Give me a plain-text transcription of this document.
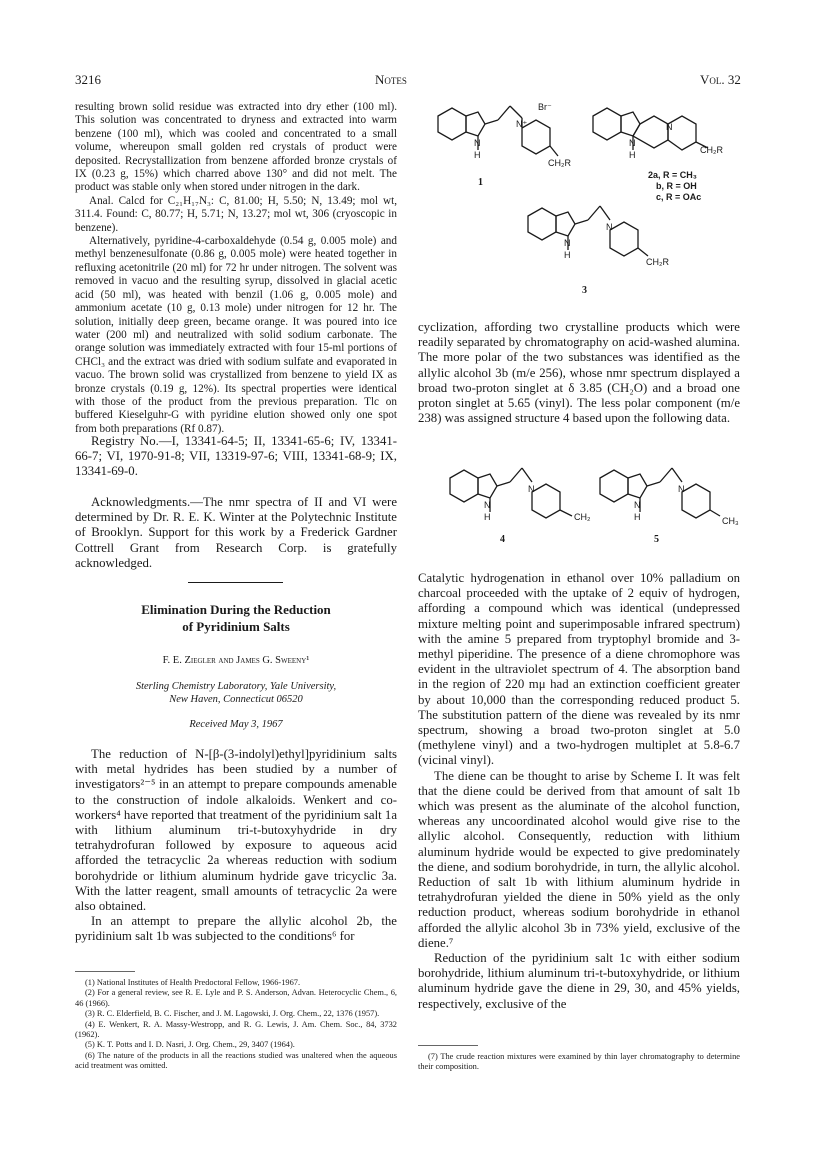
3216	Notes	Vol. 32

resulting brown solid residue was extracted into dry ether (100 ml). This solution was concentrated to dryness and extracted into warm benzene (100 ml), which was cooled and concentrated to a small volume, whereupon small golden red crystals of product were deposited. Recrystallization from benzene afforded bronze crystals of IX (0.23 g, 15%) which charred above 130° and did not melt. The product was stable only when stored under nitrogen in the dark.

Anal. Calcd for C₂₁H₁₇N₃: C, 81.00; H, 5.50; N, 13.49; mol wt, 311.4. Found: C, 80.77; H, 5.71; N, 13.27; mol wt, 306 (cryoscopic in benzene).

Alternatively, pyridine-4-carboxaldehyde (0.54 g, 0.005 mole) and methyl benzenesulfonate (0.86 g, 0.005 mole) were heated together in refluxing acetonitrile (20 ml) for 72 hr under nitrogen. The solvent was removed in vacuo and the resulting syrup, dissolved in glacial acetic acid (50 ml), was heated with benzil (1.06 g, 0.005 mole) and ammonium acetate (10 g, 0.13 mole) under nitrogen for 12 hr. The solution, initially deep green, became orange. It was poured into ice water (200 ml) and neutralized with solid sodium carbonate. The orange solution was immediately extracted with four 15-ml portions of CHCl₃ and the extract was dried with sodium sulfate and evaporated in vacuo. The brown solid was crystallized from benzene to yield IX as bronze crystals (0.19 g, 12%). Its spectral properties were identical with those of the product from the previous preparation. Tlc on buffered Kieselguhr-G with pyridine elution showed only one spot from both preparations (Rf 0.87).

Registry No.—I, 13341-64-5; II, 13341-65-6; IV, 13341-66-7; VI, 1970-91-8; VII, 13319-97-6; VIII, 13341-68-9; IX, 13341-69-0.

Acknowledgments.—The nmr spectra of II and VI were determined by Dr. R. E. K. Winter at the Polytechnic Institute of Brooklyn. Support for this work by a Frederick Gardner Cottrell Grant from Research Corp. is gratefully acknowledged.

Elimination During the Reduction
of Pyridinium Salts
F. E. Ziegler and James G. Sweeny¹
Sterling Chemistry Laboratory, Yale University,
New Haven, Connecticut 06520
Received May 3, 1967

The reduction of N-[β-(3-indolyl)ethyl]pyridinium salts with metal hydrides has been studied by a number of investigators²⁻⁵ in an attempt to prepare compounds amenable to the construction of indole alkaloids. Wenkert and co-workers⁴ have reported that treatment of the pyridinium salt 1a with lithium aluminum tri-t-butoxyhydride in dry tetrahydrofuran followed by exposure to aqueous acid afforded the tetracyclic 2a whereas reduction with sodium borohydride or lithium aluminum hydride gave tricyclic 3a. With the latter reagent, small amounts of tetracyclic 2a were also obtained.

In an attempt to prepare the allylic alcohol 2b, the pyridinium salt 1b was subjected to the conditions⁶ for

(1) National Institutes of Health Predoctoral Fellow, 1966-1967.

(2) For a general review, see R. E. Lyle and P. S. Anderson, Advan. Heterocyclic Chem., 6, 46 (1966).

(3) R. C. Elderfield, B. C. Fischer, and J. M. Lagowski, J. Org. Chem., 22, 1376 (1957).

(4) E. Wenkert, R. A. Massy-Westropp, and R. G. Lewis, J. Am. Chem. Soc., 84, 3732 (1962).

(5) K. T. Potts and I. D. Nasri, J. Org. Chem., 29, 3407 (1964).

(6) The nature of the products in all the reactions studied was unaltered when the aqueous acid treatment was omitted.

Br⁻
N
N⁺
H
CH₂R
1
N
N
H	CH₂R
2a, R = CH₃
b, R = OH
c, R = OAc
N
N
H
CH₂R
3

cyclization, affording two crystalline products which were readily separated by chromatography on acid-washed alumina. The more polar of the two substances was identified as the allylic alcohol 3b (m/e 256), whose nmr spectrum displayed a broad two-proton singlet at δ 3.85 (CH₂O) and a broad one proton singlet at 5.65 (vinyl). The less polar component (m/e 238) was assigned structure 4 based upon the following data.

N
N
H	CH₂
4
N
N
H	CH₃
5

Catalytic hydrogenation in ethanol over 10% palladium on charcoal proceeded with the uptake of 2 equiv of hydrogen, affording a compound which was identical (undepressed mixture melting point and superimposable infrared spectrum) with the amine 5 prepared from tryptophyl bromide and 3-methyl piperidine. The presence of a diene chromophore was evident in the ultraviolet spectrum of 4. The absorption band in the region of 220 mμ had an extinction coefficient greater by about 10,000 than the corresponding reduced product 5. The substitution pattern of the diene was revealed by its nmr spectrum, showing a broad two-proton singlet at 5.0 (methylene vinyl) and a two-hydrogen multiplet at 5.8-6.7 (vicinal vinyl).

The diene can be thought to arise by Scheme I. It was felt that the diene could be derived from that amount of salt 1b which was present as the aluminate of the alcohol function, whereas any uncoordinated alcohol would give rise to the allylic alcohol. Consequently, reduction with lithium aluminum hydride would be expected to give predominately the diene, and sodium borohydride, in turn, the allylic alcohol. Reduction of salt 1b with lithium aluminum hydride in tetrahydrofuran yielded the diene in 50% yield as the only reduction product, whereas sodium borohydride in ethanol afforded the allylic alcohol 3b in 73% yield, exclusive of the diene.⁷

Reduction of the pyridinium salt 1c with either sodium borohydride, lithium aluminum tri-t-butoxyhydride, or lithium aluminum hydride gave the diene in 29, 30, and 45% yields, respectively, exclusive of the

(7) The crude reaction mixtures were examined by thin layer chromatography to determine their composition.
